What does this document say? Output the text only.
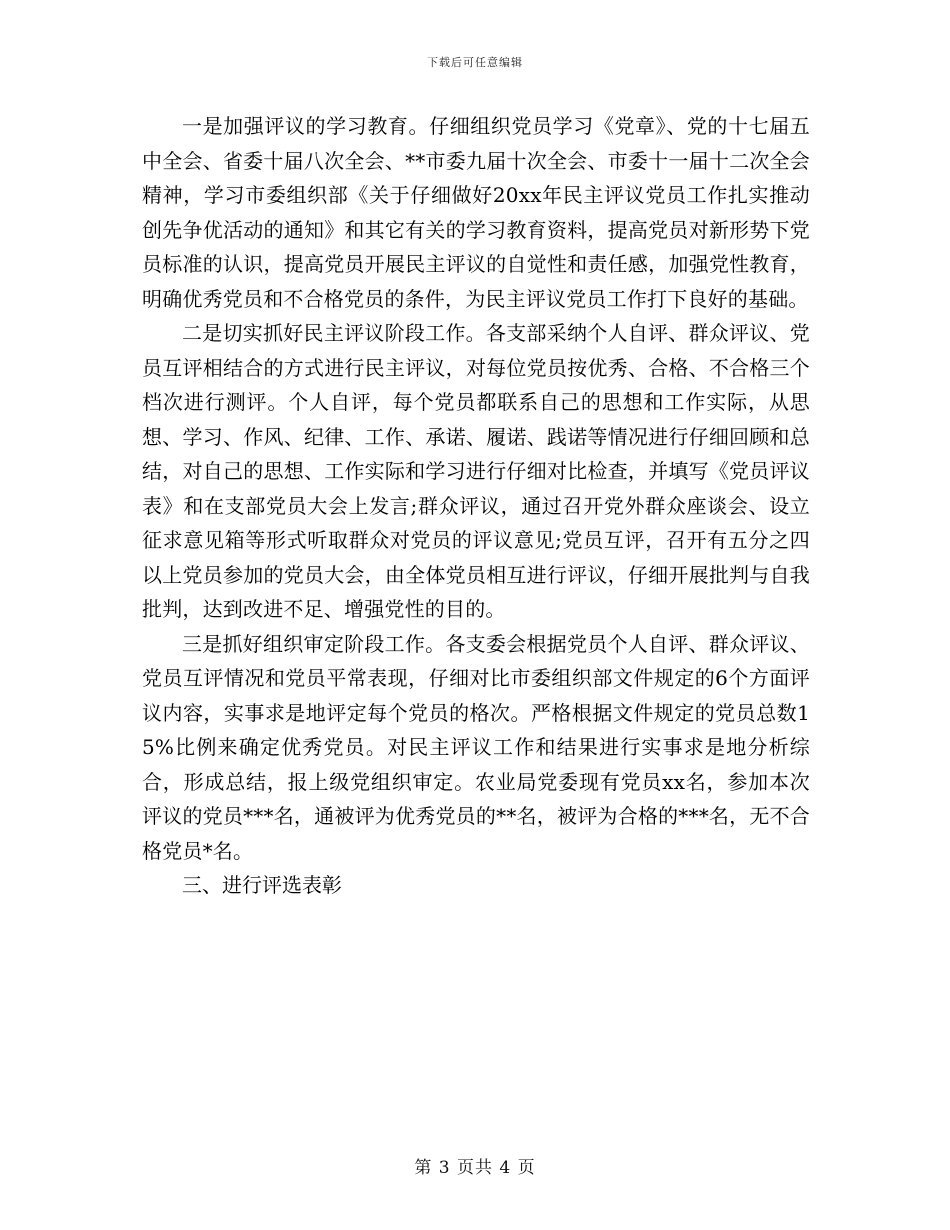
下载后可任意编辑

一是加强评议的学习教育。仔细组织党员学习《党章》、党的十七届五中全会、省委十届八次全会、**市委九届十次全会、市委十一届十二次全会精神，学习市委组织部《关于仔细做好20xx年民主评议党员工作扎实推动创先争优活动的通知》和其它有关的学习教育资料，提高党员对新形势下党员标准的认识，提高党员开展民主评议的自觉性和责任感，加强党性教育，明确优秀党员和不合格党员的条件，为民主评议党员工作打下良好的基础。

二是切实抓好民主评议阶段工作。各支部采纳个人自评、群众评议、党员互评相结合的方式进行民主评议，对每位党员按优秀、合格、不合格三个档次进行测评。个人自评，每个党员都联系自己的思想和工作实际，从思想、学习、作风、纪律、工作、承诺、履诺、践诺等情况进行仔细回顾和总结，对自己的思想、工作实际和学习进行仔细对比检查，并填写《党员评议表》和在支部党员大会上发言;群众评议，通过召开党外群众座谈会、设立征求意见箱等形式听取群众对党员的评议意见;党员互评，召开有五分之四以上党员参加的党员大会，由全体党员相互进行评议，仔细开展批判与自我批判，达到改进不足、增强党性的目的。

三是抓好组织审定阶段工作。各支委会根据党员个人自评、群众评议、党员互评情况和党员平常表现，仔细对比市委组织部文件规定的6个方面评议内容，实事求是地评定每个党员的格次。严格根据文件规定的党员总数15%比例来确定优秀党员。对民主评议工作和结果进行实事求是地分析综合，形成总结，报上级党组织审定。农业局党委现有党员xx名，参加本次评议的党员***名，通被评为优秀党员的**名，被评为合格的***名，无不合格党员*名。

三、进行评选表彰

第 3 页共 4 页
